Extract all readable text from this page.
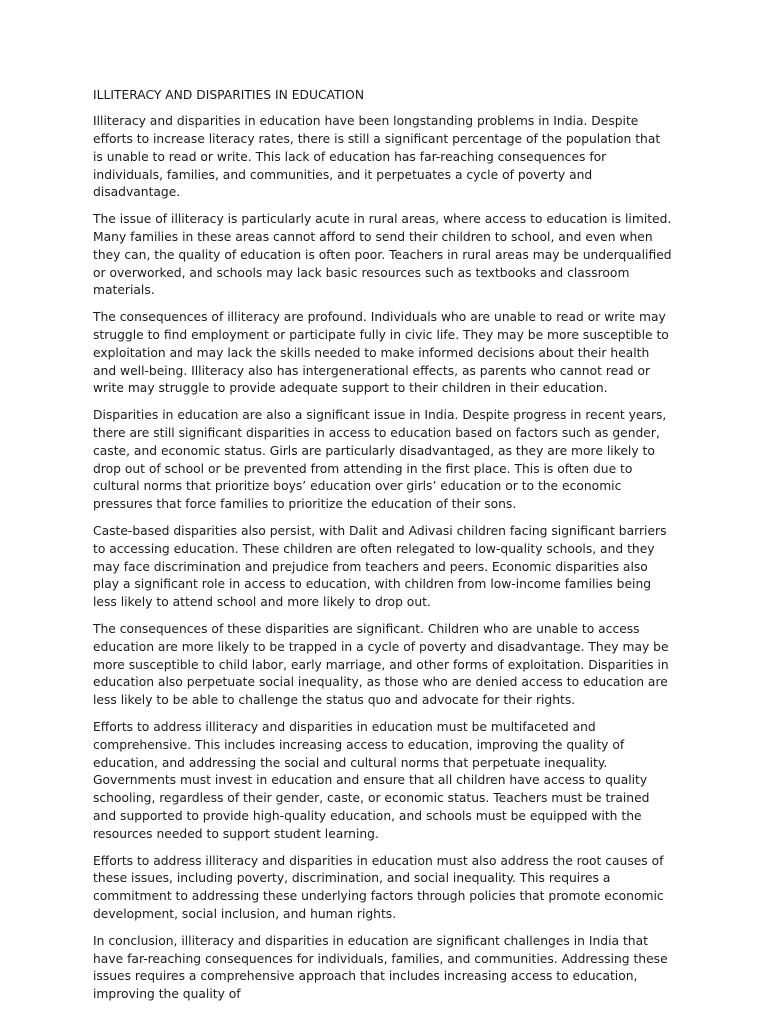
ILLITERACY AND DISPARITIES IN EDUCATION

Illiteracy and disparities in education have been longstanding problems in India. Despite efforts to increase literacy rates, there is still a significant percentage of the population that is unable to read or write. This lack of education has far-reaching consequences for individuals, families, and communities, and it perpetuates a cycle of poverty and disadvantage.

The issue of illiteracy is particularly acute in rural areas, where access to education is limited. Many families in these areas cannot afford to send their children to school, and even when they can, the quality of education is often poor. Teachers in rural areas may be underqualified or overworked, and schools may lack basic resources such as textbooks and classroom materials.

The consequences of illiteracy are profound. Individuals who are unable to read or write may struggle to find employment or participate fully in civic life. They may be more susceptible to exploitation and may lack the skills needed to make informed decisions about their health and well-being. Illiteracy also has intergenerational effects, as parents who cannot read or write may struggle to provide adequate support to their children in their education.

Disparities in education are also a significant issue in India. Despite progress in recent years, there are still significant disparities in access to education based on factors such as gender, caste, and economic status. Girls are particularly disadvantaged, as they are more likely to drop out of school or be prevented from attending in the first place. This is often due to cultural norms that prioritize boys’ education over girls’ education or to the economic pressures that force families to prioritize the education of their sons.

Caste-based disparities also persist, with Dalit and Adivasi children facing significant barriers to accessing education. These children are often relegated to low-quality schools, and they may face discrimination and prejudice from teachers and peers. Economic disparities also play a significant role in access to education, with children from low-income families being less likely to attend school and more likely to drop out.

The consequences of these disparities are significant. Children who are unable to access education are more likely to be trapped in a cycle of poverty and disadvantage. They may be more susceptible to child labor, early marriage, and other forms of exploitation. Disparities in education also perpetuate social inequality, as those who are denied access to education are less likely to be able to challenge the status quo and advocate for their rights.

Efforts to address illiteracy and disparities in education must be multifaceted and comprehensive. This includes increasing access to education, improving the quality of education, and addressing the social and cultural norms that perpetuate inequality. Governments must invest in education and ensure that all children have access to quality schooling, regardless of their gender, caste, or economic status. Teachers must be trained and supported to provide high-quality education, and schools must be equipped with the resources needed to support student learning.

Efforts to address illiteracy and disparities in education must also address the root causes of these issues, including poverty, discrimination, and social inequality. This requires a commitment to addressing these underlying factors through policies that promote economic development, social inclusion, and human rights.

In conclusion, illiteracy and disparities in education are significant challenges in India that have far-reaching consequences for individuals, families, and communities. Addressing these issues requires a comprehensive approach that includes increasing access to education, improving the quality of
